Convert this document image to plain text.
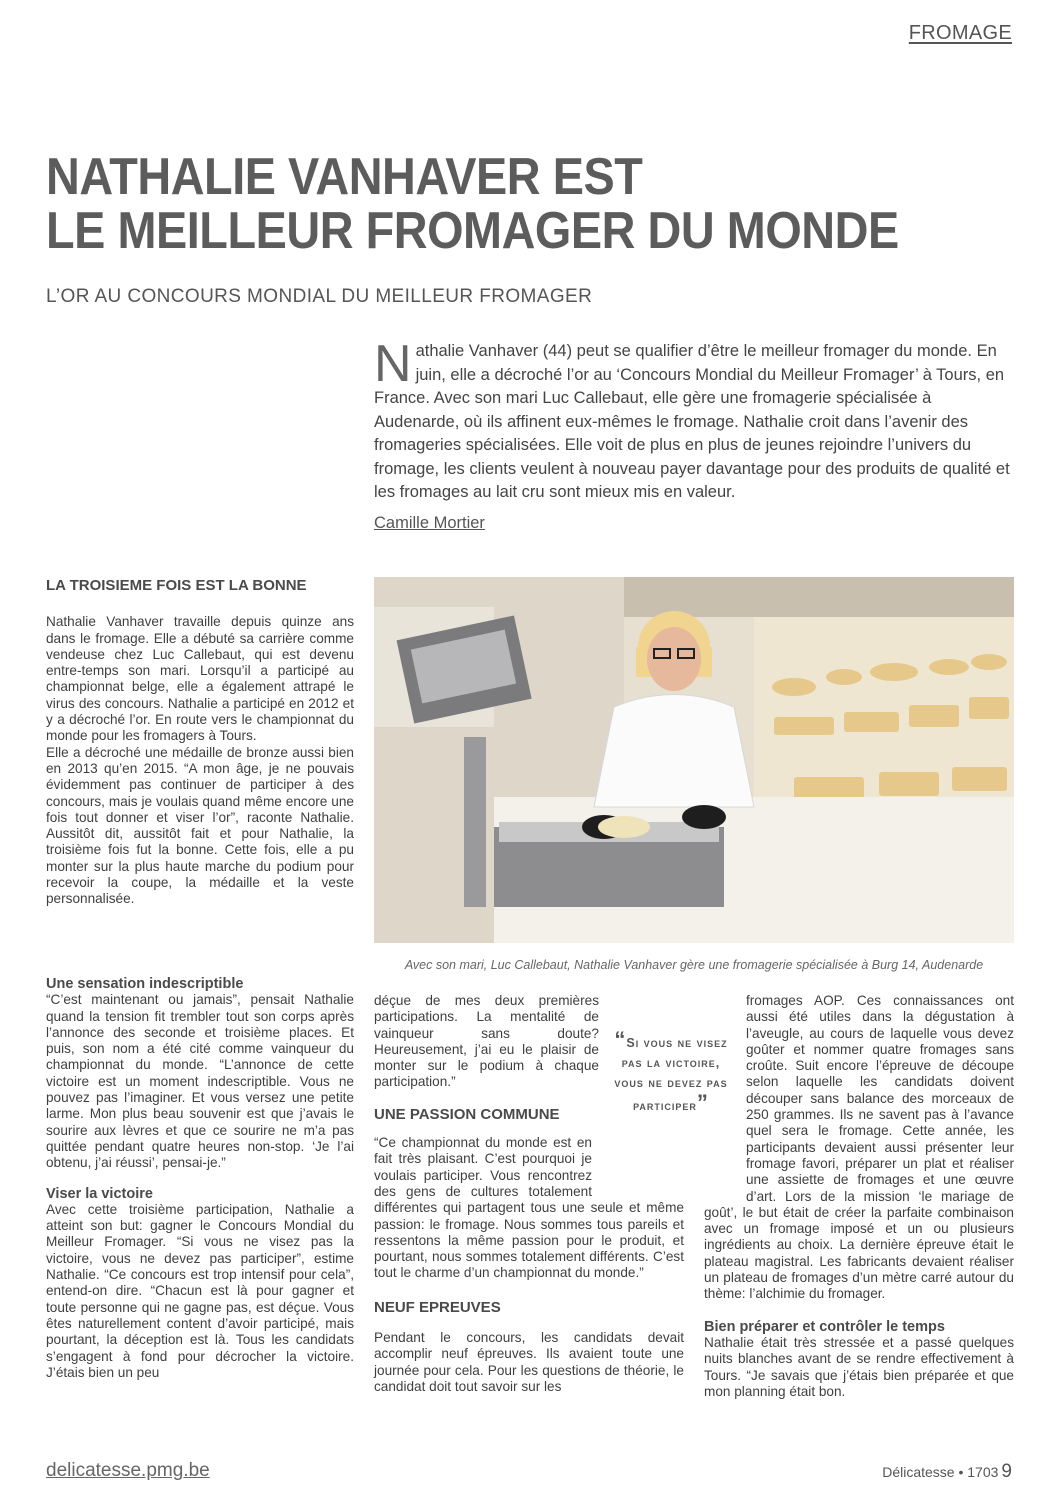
FROMAGE
NATHALIE VANHAVER EST
LE MEILLEUR FROMAGER DU MONDE
L’OR AU CONCOURS MONDIAL DU MEILLEUR FROMAGER

Nathalie Vanhaver (44) peut se qualifier d’être le meilleur fromager du monde. En juin, elle a décroché l’or au ‘Concours Mondial du Meilleur Fromager’ à Tours, en France. Avec son mari Luc Callebaut, elle gère une fromagerie spécialisée à Audenarde, où ils affinent eux-mêmes le fromage. Nathalie croit dans l’avenir des fromageries spécialisées. Elle voit de plus en plus de jeunes rejoindre l’univers du fromage, les clients veulent à nouveau payer davantage pour des produits de qualité et les fromages au lait cru sont mieux mis en valeur.

Camille Mortier
LA TROISIEME FOIS EST LA BONNE

Nathalie Vanhaver travaille depuis quinze ans dans le fromage. Elle a débuté sa carrière comme vendeuse chez Luc Callebaut, qui est devenu entre-temps son mari. Lorsqu’il a participé au championnat belge, elle a également attrapé le virus des concours. Nathalie a participé en 2012 et y a décroché l’or. En route vers le championnat du monde pour les fromagers à Tours.

Elle a décroché une médaille de bronze aussi bien en 2013 qu’en 2015. “A mon âge, je ne pouvais évidemment pas continuer de participer à des concours, mais je voulais quand même encore une fois tout donner et viser l’or”, raconte Nathalie. Aussitôt dit, aussitôt fait et pour Nathalie, la troisième fois fut la bonne. Cette fois, elle a pu monter sur la plus haute marche du podium pour recevoir la coupe, la médaille et la veste personnalisée.

Avec son mari, Luc Callebaut, Nathalie Vanhaver gère une fromagerie spécialisée à Burg 14, Audenarde
Une sensation indescriptible

“C’est maintenant ou jamais”, pensait Nathalie quand la tension fit trembler tout son corps après l’annonce des seconde et troisième places. Et puis, son nom a été cité comme vainqueur du championnat du monde. “L’annonce de cette victoire est un moment indescriptible. Vous ne pouvez pas l’imaginer. Et vous versez une petite larme. Mon plus beau souvenir est que j’avais le sourire aux lèvres et que ce sourire ne m’a pas quittée pendant quatre heures non-stop. ‘Je l’ai obtenu, j’ai réussi’, pensai-je.”

Viser la victoire

Avec cette troisième participation, Nathalie a atteint son but: gagner le Concours Mondial du Meilleur Fromager. “Si vous ne visez pas la victoire, vous ne devez pas participer”, estime Nathalie. “Ce concours est trop intensif pour cela”, entend-on dire. “Chacun est là pour gagner et toute personne qui ne gagne pas, est déçue. Vous êtes naturellement content d’avoir participé, mais pourtant, la déception est là. Tous les candidats s’engagent à fond pour décrocher la victoire. J’étais bien un peu

déçue de mes deux premières participations. La mentalité de vainqueur sans doute? Heureusement, j’ai eu le plaisir de monter sur le podium à chaque participation.”

UNE PASSION COMMUNE

“Ce championnat du monde est en fait très plaisant. C’est pourquoi je voulais participer. Vous rencontrez des gens de cultures totalement différentes qui partagent tous une seule et même passion: le fromage. Nous sommes tous pareils et ressentons la même passion pour le produit, et pourtant, nous sommes totalement différents. C’est tout le charme d’un championnat du monde.”

NEUF EPREUVES

Pendant le concours, les candidats devait accomplir neuf épreuves. Ils avaient toute une journée pour cela. Pour les questions de théorie, le candidat doit tout savoir sur les

“Si vous ne visez pas la victoire, vous ne devez pas participer”

fromages AOP. Ces connaissances ont aussi été utiles dans la dégustation à l’aveugle, au cours de laquelle vous devez goûter et nommer quatre fromages sans croûte. Suit encore l’épreuve de découpe selon laquelle les candidats doivent découper sans balance des morceaux de 250 grammes. Ils ne savent pas à l’avance quel sera le fromage. Cette année, les participants devaient aussi présenter leur fromage favori, préparer un plat et réaliser une assiette de fromages et une œuvre d’art. Lors de la mission ‘le mariage de goût’, le but était de créer la parfaite combinaison avec un fromage imposé et un ou plusieurs ingrédients au choix. La dernière épreuve était le plateau magistral. Les fabricants devaient réaliser un plateau de fromages d’un mètre carré autour du thème: l’alchimie du fromager.

Bien préparer et contrôler le temps

Nathalie était très stressée et a passé quelques nuits blanches avant de se rendre effectivement à Tours. “Je savais que j’étais bien préparée et que mon planning était bon.

delicatesse.pmg.be	Délicatesse • 1703 9
